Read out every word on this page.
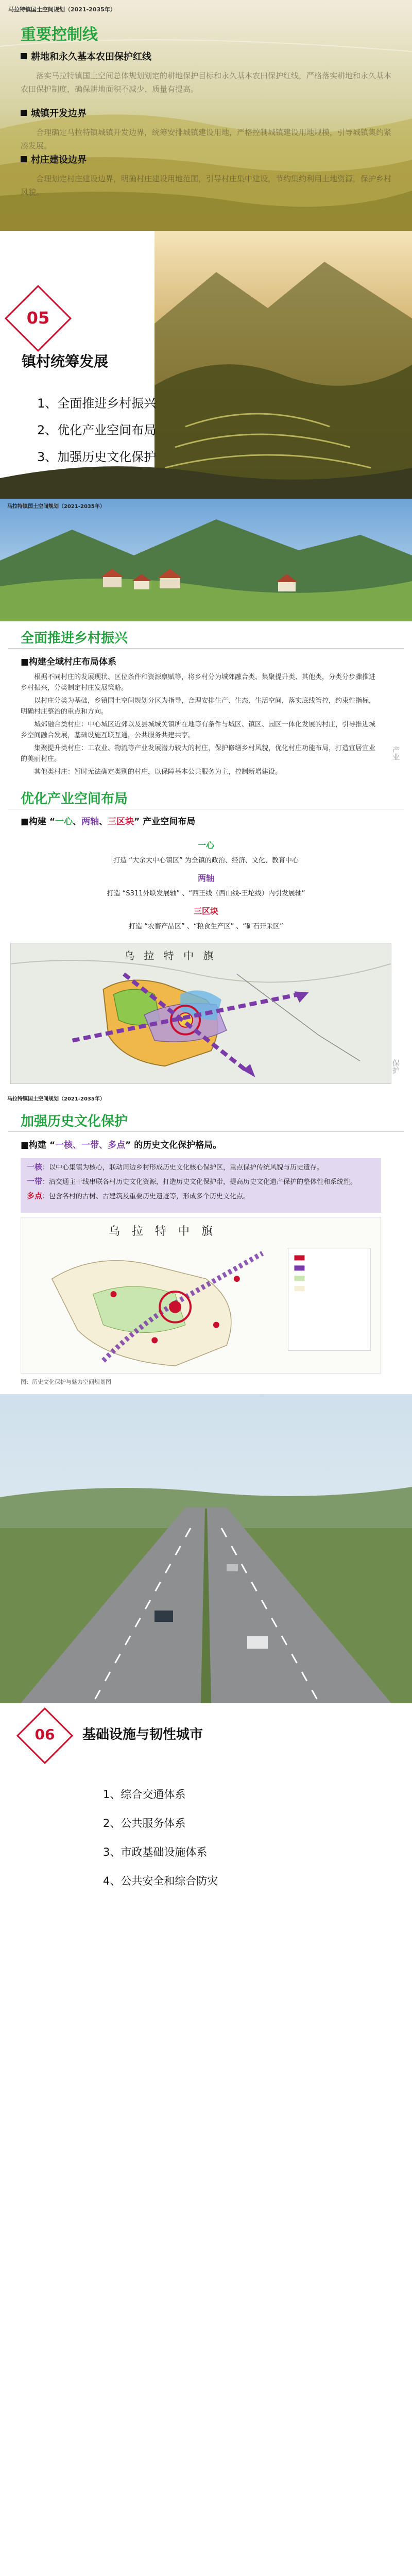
马拉特镇国土空间规划（2021-2035年）
重要控制线
耕地和永久基本农田保护红线
落实马拉特镇国土空间总体规划划定的耕地保护目标和永久基本农田保护红线，严格落实耕地和永久基本农田保护制度，确保耕地面积不减少、质量有提高。
城镇开发边界
合理确定马拉特镇城镇开发边界，统筹安排城镇建设用地，严格控制城镇建设用地规模，引导城镇集约紧凑发展。
村庄建设边界
合理划定村庄建设边界，明确村庄建设用地范围，引导村庄集中建设，节约集约利用土地资源，保护乡村风貌。
05
镇村统筹发展
1、全面推进乡村振兴
2、优化产业空间布局
3、加强历史文化保护
马拉特镇国土空间规划（2021-2035年）
全面推进乡村振兴
■构建全域村庄布局体系
根据不同村庄的发展现状、区位条件和资源禀赋等，将乡村分为城郊融合类、集聚提升类、其他类，分类分步骤推进乡村振兴，分类制定村庄发展策略。
以村庄分类为基础，乡镇国土空间规划分区为指导，合理安排生产、生态、生活空间，落实底线管控，约束性指标，明确村庄整治的重点和方向。
城郊融合类村庄：中心城区近郊以及县城城关镇所在地等有条件与城区、镇区、园区一体化发展的村庄，引导推进城乡空间融合发展，基础设施互联互通，公共服务共建共享。
集聚提升类村庄：工农业、物流等产业发展潜力较大的村庄，保护修缮乡村风貌，优化村庄功能布局，打造宜居宜业的美丽村庄。
其他类村庄：暂时无法确定类别的村庄，以保障基本公共服务为主，控制新增建设。
产业
优化产业空间布局
■构建 “ 一心 、 两轴 、 三区块 ” 产业空间布局
一心
打造 “大余大中心镇区” 为全镇的政治、经济、文化、教育中心
两轴
打造 “S311外联发展轴” 、“西王线（西山线-王坨线）内引发展轴”
三区块
打造 “农畜产品区” 、“粮食生产区” 、“矿石开采区”
乌 拉 特 中 旗
保护
马拉特镇国土空间规划（2021-2035年）
加强历史文化保护
■构建 “ 一核、一带、多点 ” 的历史文化保护格局。
一核：以中心集镇为核心，联动周边乡村形成历史文化核心保护区，重点保护传统风貌与历史遗存。
一带：沿交通主干线串联各村历史文化资源，打造历史文化保护带，提高历史文化遗产保护的整体性和系统性。
多点：包含各村的古树、古建筑及重要历史遗迹等，形成多个历史文化点。
乌 拉 特 中 旗
图：历史文化保护与魅力空间规划图
06	基础设施与韧性城市
1、综合交通体系
2、公共服务体系
3、市政基础设施体系
4、公共安全和综合防灾
